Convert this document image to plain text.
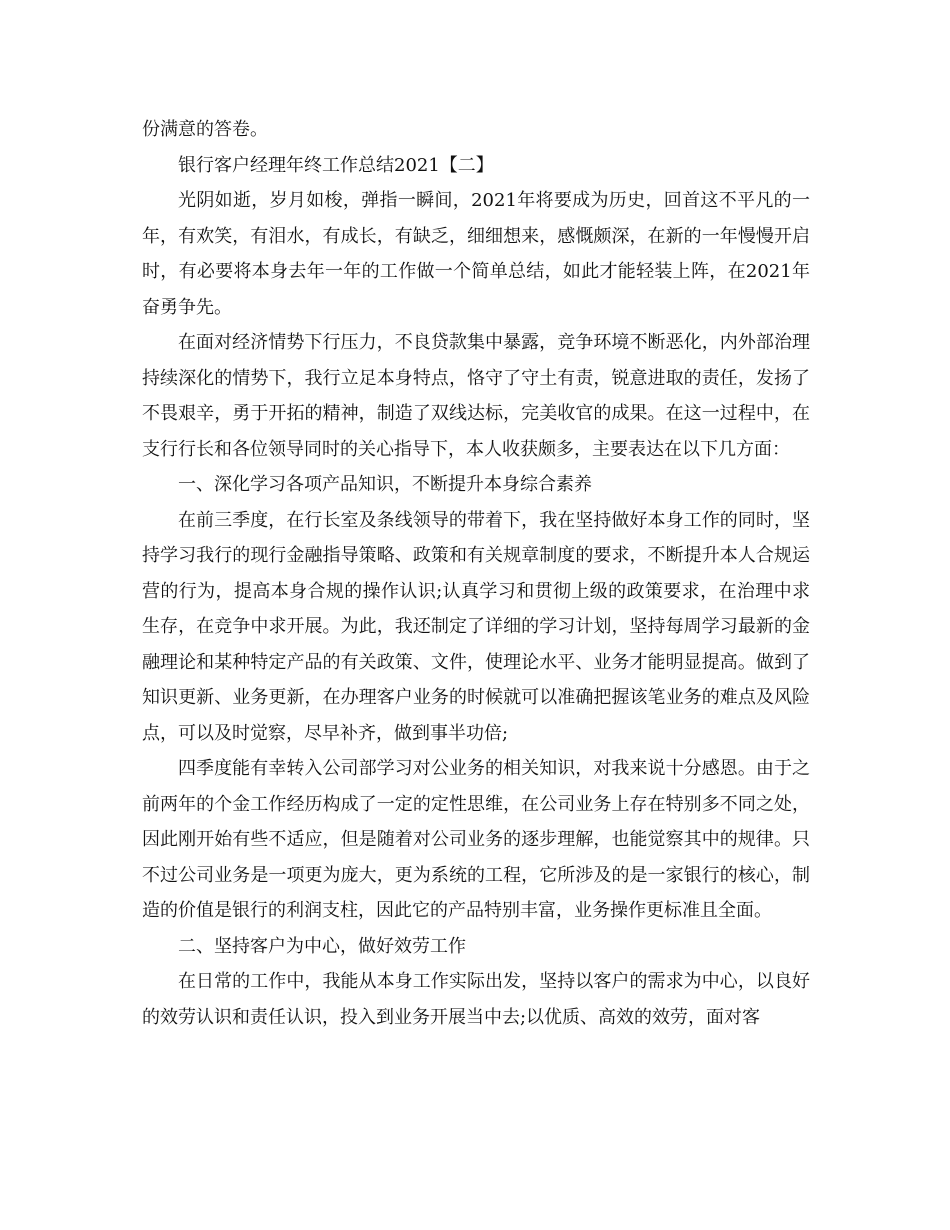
份满意的答卷。

银行客户经理年终工作总结2021【二】

光阴如逝，岁月如梭，弹指一瞬间，2021年将要成为历史，回首这不平凡的一年，有欢笑，有泪水，有成长，有缺乏，细细想来，感慨颇深，在新的一年慢慢开启时，有必要将本身去年一年的工作做一个简单总结，如此才能轻装上阵，在2021年奋勇争先。

在面对经济情势下行压力，不良贷款集中暴露，竞争环境不断恶化，内外部治理持续深化的情势下，我行立足本身特点，恪守了守土有责，锐意进取的责任，发扬了不畏艰辛，勇于开拓的精神，制造了双线达标，完美收官的成果。在这一过程中，在支行行长和各位领导同时的关心指导下，本人收获颇多，主要表达在以下几方面：

一、深化学习各项产品知识，不断提升本身综合素养

在前三季度，在行长室及条线领导的带着下，我在坚持做好本身工作的同时，坚持学习我行的现行金融指导策略、政策和有关规章制度的要求，不断提升本人合规运营的行为，提高本身合规的操作认识;认真学习和贯彻上级的政策要求，在治理中求生存，在竞争中求开展。为此，我还制定了详细的学习计划，坚持每周学习最新的金融理论和某种特定产品的有关政策、文件，使理论水平、业务才能明显提高。做到了知识更新、业务更新，在办理客户业务的时候就可以准确把握该笔业务的难点及风险点，可以及时觉察，尽早补齐，做到事半功倍;

四季度能有幸转入公司部学习对公业务的相关知识，对我来说十分感恩。由于之前两年的个金工作经历构成了一定的定性思维，在公司业务上存在特别多不同之处，因此刚开始有些不适应，但是随着对公司业务的逐步理解，也能觉察其中的规律。只不过公司业务是一项更为庞大，更为系统的工程，它所涉及的是一家银行的核心，制造的价值是银行的利润支柱，因此它的产品特别丰富，业务操作更标准且全面。

二、坚持客户为中心，做好效劳工作

在日常的工作中，我能从本身工作实际出发，坚持以客户的需求为中心，以良好的效劳认识和责任认识，投入到业务开展当中去;以优质、高效的效劳，面对客
